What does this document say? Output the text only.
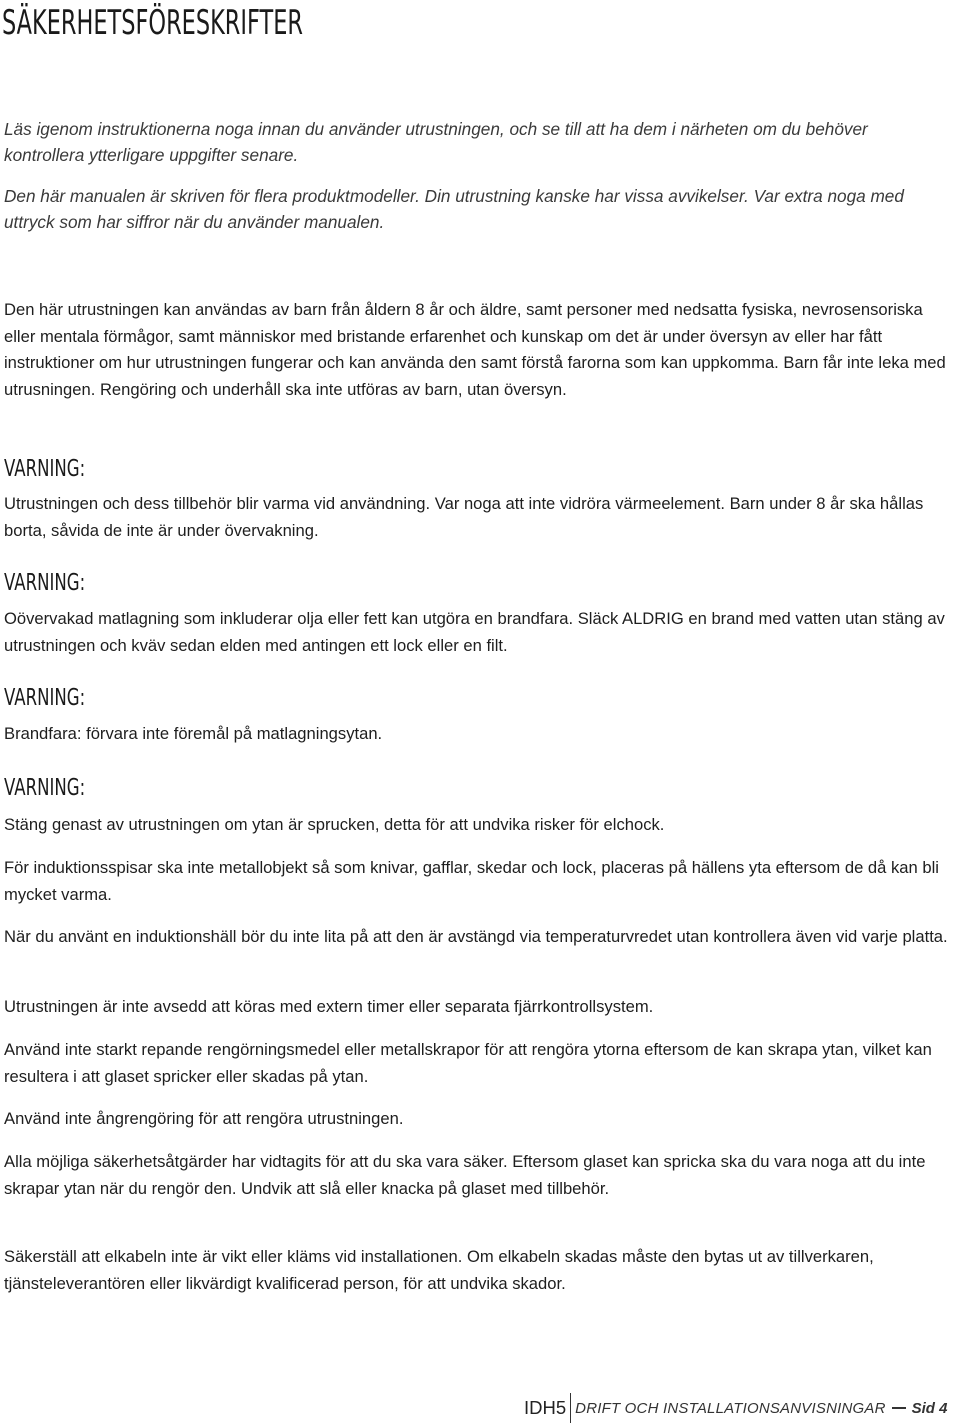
SÄKERHETSFÖRESKRIFTER

Läs igenom instruktionerna noga innan du använder utrustningen, och se till att ha dem i närheten om du behöver kontrollera ytterligare uppgifter senare.

Den här manualen är skriven för flera produktmodeller. Din utrustning kanske har vissa avvikelser. Var extra noga med uttryck som har siffror när du använder manualen.

Den här utrustningen kan användas av barn från åldern 8 år och äldre, samt personer med nedsatta fysiska, nevrosensoriska eller mentala förmågor, samt människor med bristande erfarenhet och kunskap om det är under översyn av eller har fått instruktioner om hur utrustningen fungerar och kan använda den samt förstå farorna som kan uppkomma. Barn får inte leka med utrusningen. Rengöring och underhåll ska inte utföras av barn, utan översyn.

VARNING:

Utrustningen och dess tillbehör blir varma vid användning. Var noga att inte vidröra värmeelement. Barn under 8 år ska hållas borta, såvida de inte är under övervakning.

VARNING:

Oövervakad matlagning som inkluderar olja eller fett kan utgöra en brandfara. Släck ALDRIG en brand med vatten utan stäng av utrustningen och kväv sedan elden med antingen ett lock eller en filt.

VARNING:

Brandfara: förvara inte föremål på matlagningsytan.

VARNING:

Stäng genast av utrustningen om ytan är sprucken, detta för att undvika risker för elchock.

För induktionsspisar ska inte metallobjekt så som knivar, gafflar, skedar och lock, placeras på hällens yta eftersom de då kan bli mycket varma.

När du använt en induktionshäll bör du inte lita på att den är avstängd via temperaturvredet utan kontrollera även vid varje platta.

Utrustningen är inte avsedd att köras med extern timer eller separata fjärrkontrollsystem.

Använd inte starkt repande rengörningsmedel eller metallskrapor för att rengöra ytorna eftersom de kan skrapa ytan, vilket kan resultera i att glaset spricker eller skadas på ytan.

Använd inte ångrengöring för att rengöra utrustningen.

Alla möjliga säkerhetsåtgärder har vidtagits för att du ska vara säker. Eftersom glaset kan spricka ska du vara noga att du inte skrapar ytan när du rengör den. Undvik att slå eller knacka på glaset med tillbehör.

Säkerställ att elkabeln inte är vikt eller kläms vid installationen. Om elkabeln skadas måste den bytas ut av tillverkaren, tjänsteleverantören eller likvärdigt kvalificerad person, för att undvika skador.

IDH5 DRIFT OCH INSTALLATIONSANVISNINGAR Sid 4
